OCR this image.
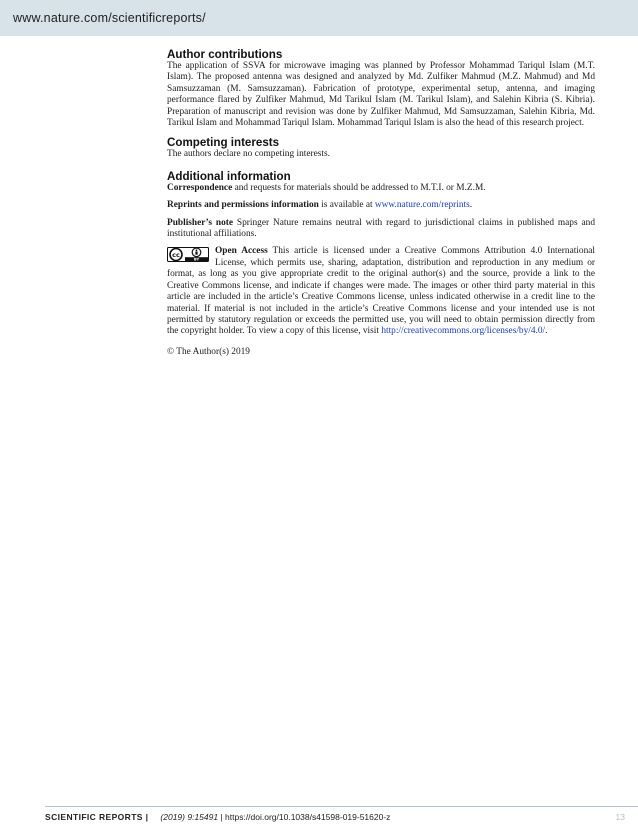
www.nature.com/scientificreports/
Author contributions

The application of SSVA for microwave imaging was planned by Professor Mohammad Tariqul Islam (M.T. Islam). The proposed antenna was designed and analyzed by Md. Zulfiker Mahmud (M.Z. Mahmud) and Md Samsuzzaman (M. Samsuzzaman). Fabrication of prototype, experimental setup, antenna, and imaging performance flared by Zulfiker Mahmud, Md Tarikul Islam (M. Tarikul Islam), and Salehin Kibria (S. Kibria). Preparation of manuscript and revision was done by Zulfiker Mahmud, Md Samsuzzaman, Salehin Kibria, Md. Tarikul Islam and Mohammad Tariqul Islam. Mohammad Tariqul Islam is also the head of this research project.

Competing interests

The authors declare no competing interests.

Additional information

Correspondence and requests for materials should be addressed to M.T.I. or M.Z.M.

Reprints and permissions information is available at www.nature.com/reprints.

Publisher’s note Springer Nature remains neutral with regard to jurisdictional claims in published maps and institutional affiliations.

cc
BY

Open Access This article is licensed under a Creative Commons Attribution 4.0 International License, which permits use, sharing, adaptation, distribution and reproduction in any medium or format, as long as you give appropriate credit to the original author(s) and the source, provide a link to the Creative Commons license, and indicate if changes were made. The images or other third party material in this article are included in the article’s Creative Commons license, unless indicated otherwise in a credit line to the material. If material is not included in the article’s Creative Commons license and your intended use is not permitted by statutory regulation or exceeds the permitted use, you will need to obtain permission directly from the copyright holder. To view a copy of this license, visit http://creativecommons.org/licenses/by/4.0/.

© The Author(s) 2019

SCIENTIFIC REPORTS | (2019) 9:15491 | https://doi.org/10.1038/s41598-019-51620-z	13
